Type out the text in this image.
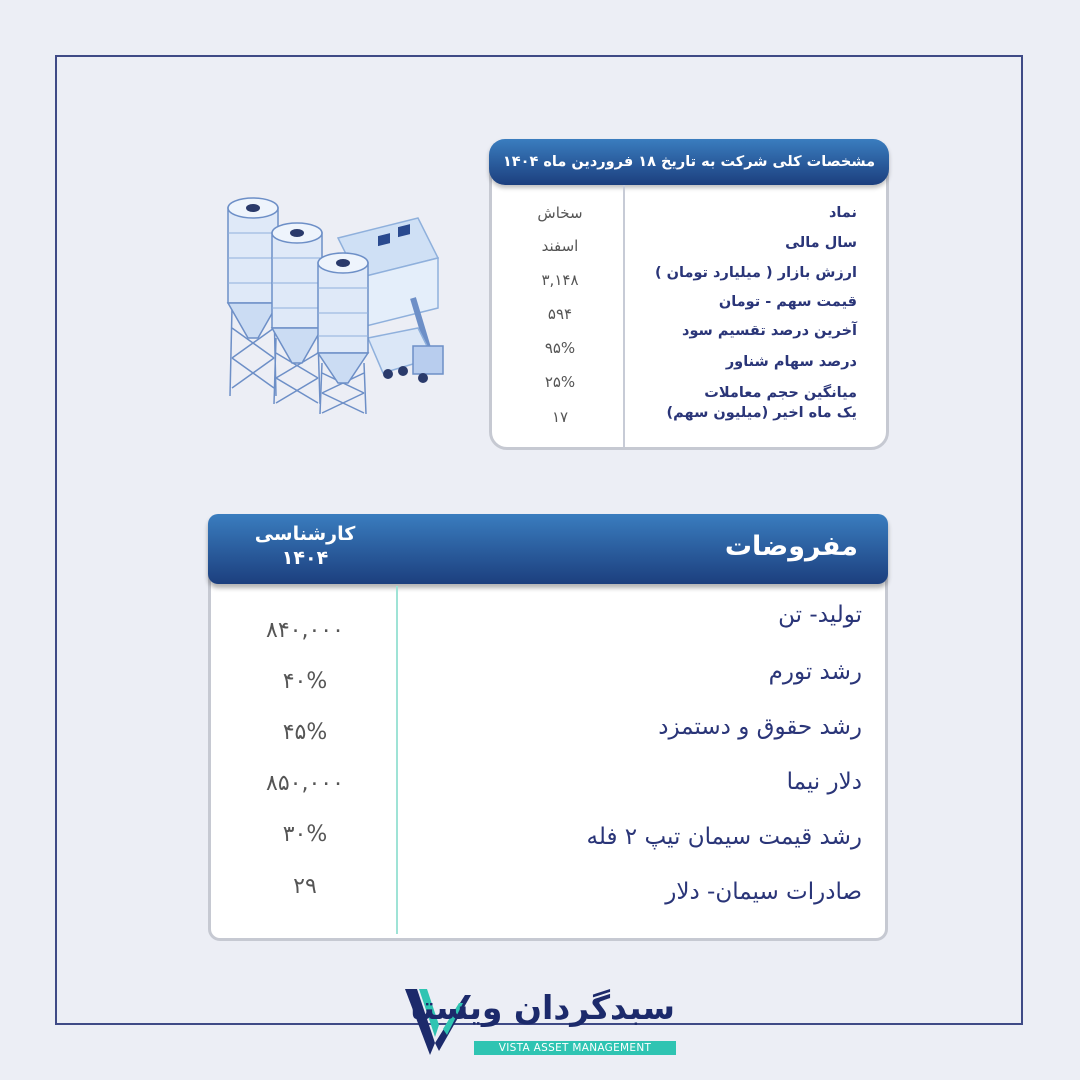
مشخصات کلی شرکت به تاریخ ۱۸ فروردین ماه ۱۴۰۴
نماد
سخاش
سال مالی
اسفند
ارزش بازار ( میلیارد تومان )
۳,۱۴۸
قیمت سهم - تومان
۵۹۴
آخرین درصد تقسیم سود
۹۵%
درصد سهام شناور
۲۵%
میانگین حجم معاملات
یک ماه اخیر (میلیون سهم)
۱۷
مفروضات
کارشناسی
۱۴۰۴
تولید- تن
۸۴۰,۰۰۰
رشد تورم
۴۰%
رشد حقوق و دستمزد
۴۵%
دلار نیما
۸۵۰,۰۰۰
رشد قیمت سیمان تیپ ۲ فله
۳۰%
صادرات سیمان- دلار
۲۹
سبدگردان ویستا
VISTA ASSET MANAGEMENT
